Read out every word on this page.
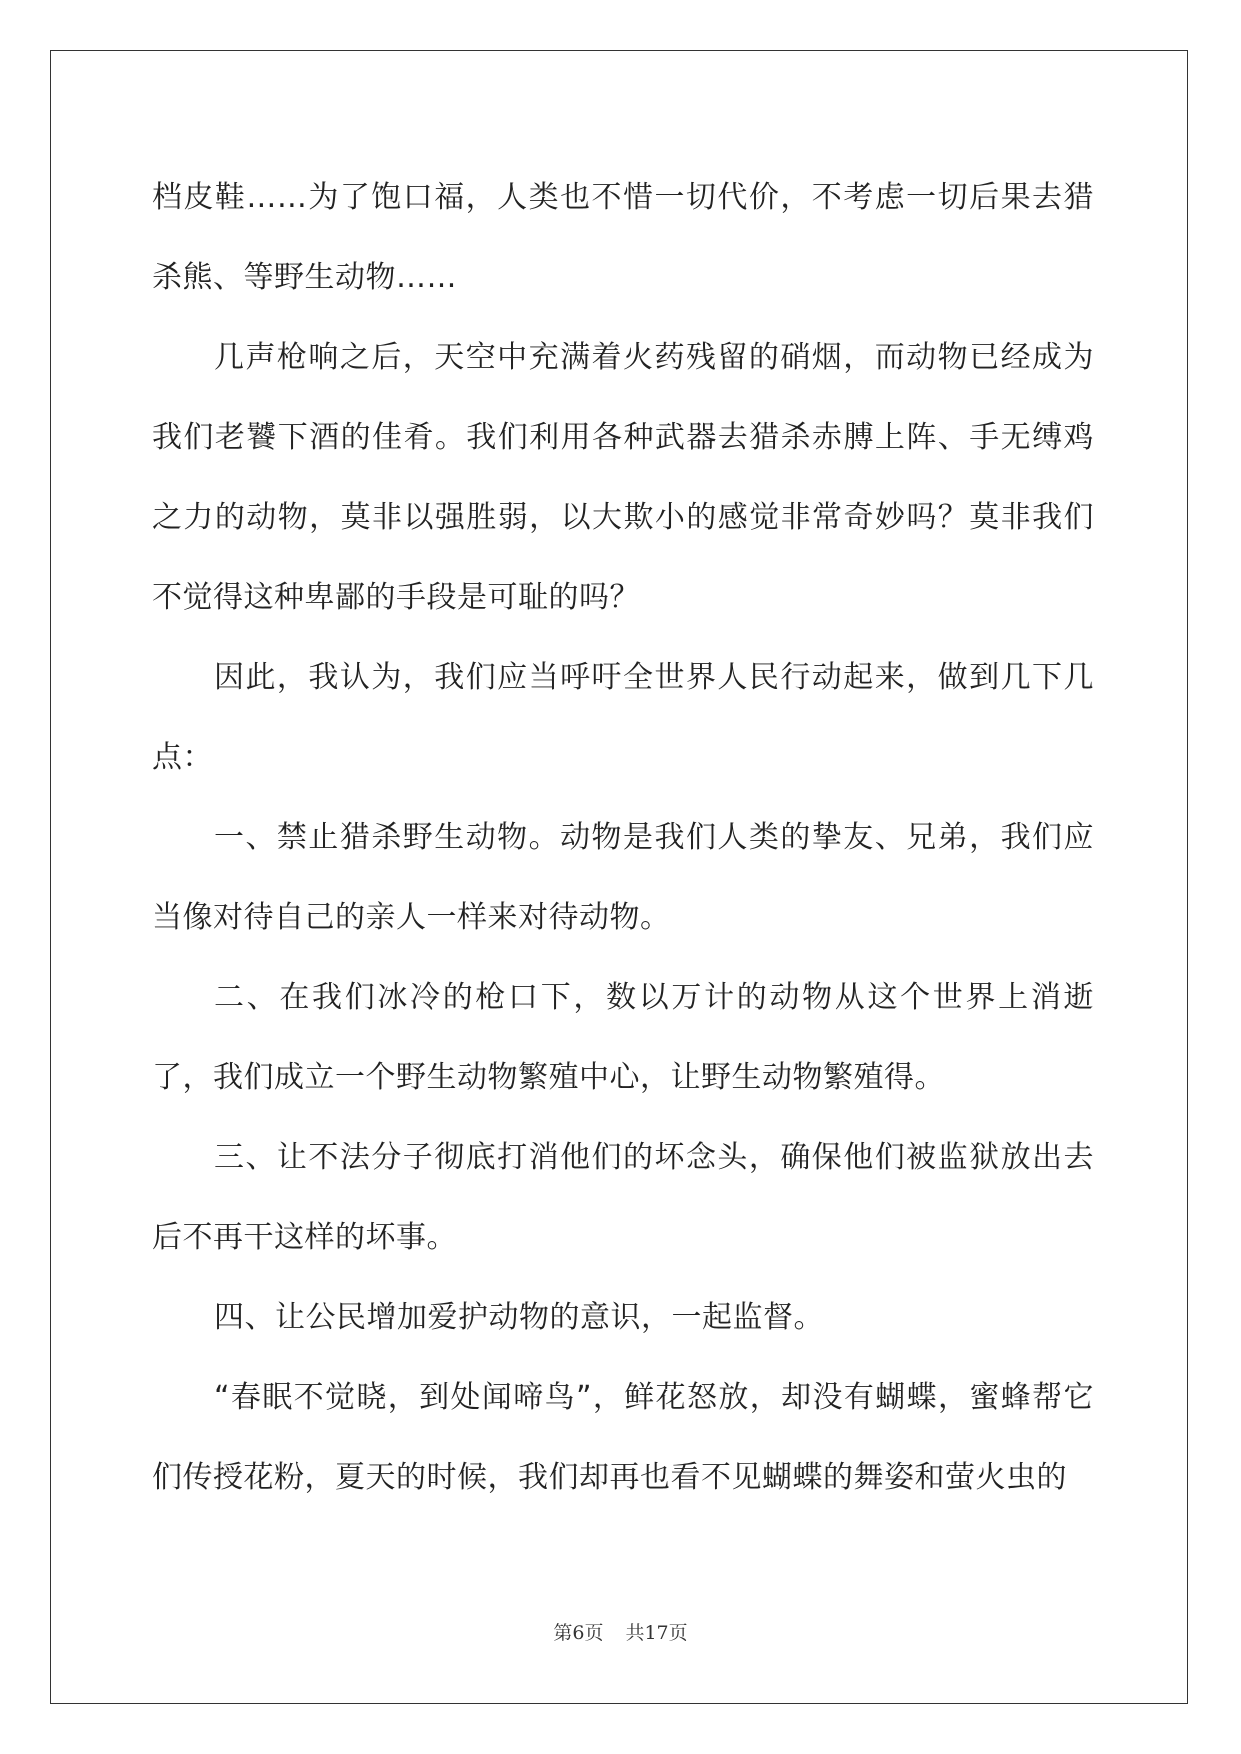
档皮鞋……为了饱口福，人类也不惜一切代价，不考虑一切后果去猎杀熊、等野生动物……

几声枪响之后，天空中充满着火药残留的硝烟，而动物已经成为我们老饕下酒的佳肴。我们利用各种武器去猎杀赤膊上阵、手无缚鸡之力的动物，莫非以强胜弱，以大欺小的感觉非常奇妙吗？莫非我们不觉得这种卑鄙的手段是可耻的吗？

因此，我认为，我们应当呼吁全世界人民行动起来，做到几下几点：

一、禁止猎杀野生动物。动物是我们人类的挚友、兄弟，我们应当像对待自己的亲人一样来对待动物。

二、在我们冰冷的枪口下，数以万计的动物从这个世界上消逝了，我们成立一个野生动物繁殖中心，让野生动物繁殖得。

三、让不法分子彻底打消他们的坏念头，确保他们被监狱放出去后不再干这样的坏事。

四、让公民增加爱护动物的意识，一起监督。

“春眠不觉晓，到处闻啼鸟”，鲜花怒放，却没有蝴蝶，蜜蜂帮它们传授花粉，夏天的时候，我们却再也看不见蝴蝶的舞姿和萤火虫的

第6页 共17页
